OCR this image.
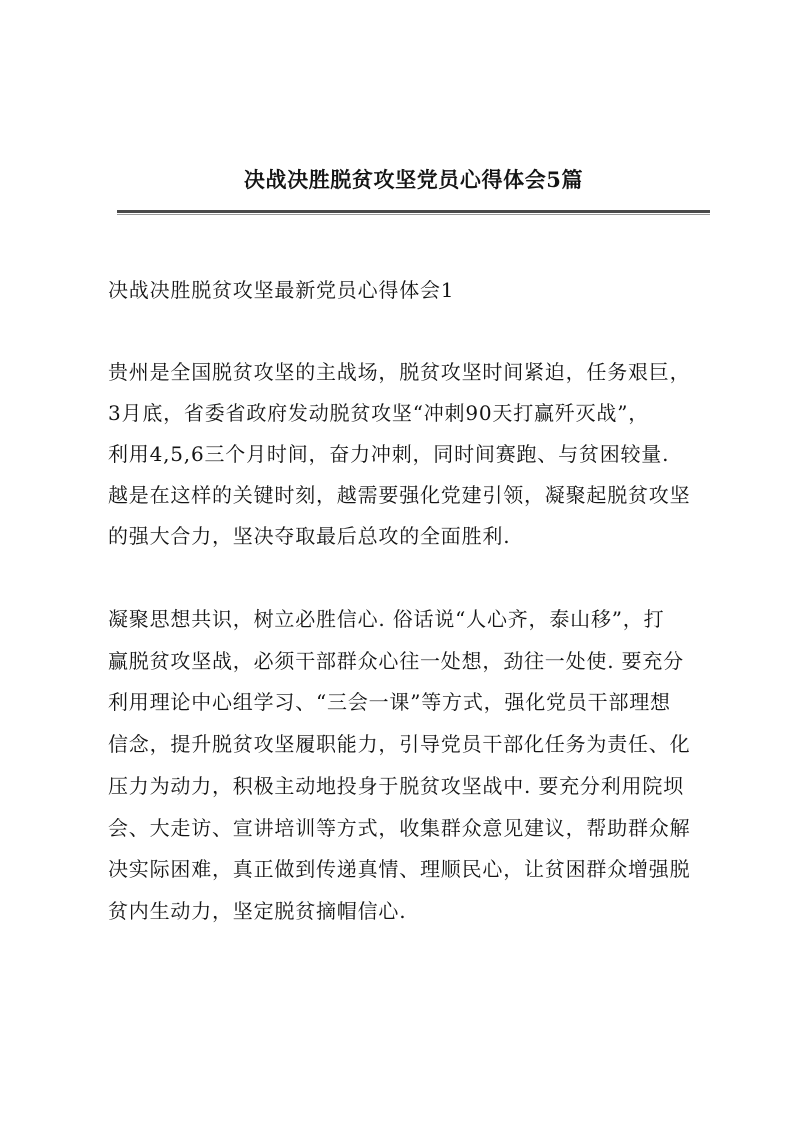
决战决胜脱贫攻坚党员心得体会5篇
决战决胜脱贫攻坚最新党员心得体会1
贵州是全国脱贫攻坚的主战场，脱贫攻坚时间紧迫，任务艰巨，
3月底，省委省政府发动脱贫攻坚“冲刺90天打赢歼灭战”，
利用4,5,6三个月时间，奋力冲刺，同时间赛跑、与贫困较量.
越是在这样的关键时刻，越需要强化党建引领，凝聚起脱贫攻坚
的强大合力，坚决夺取最后总攻的全面胜利.
凝聚思想共识，树立必胜信心. 俗话说“人心齐，泰山移”，打
赢脱贫攻坚战，必须干部群众心往一处想，劲往一处使. 要充分
利用理论中心组学习、“三会一课”等方式，强化党员干部理想
信念，提升脱贫攻坚履职能力，引导党员干部化任务为责任、化
压力为动力，积极主动地投身于脱贫攻坚战中. 要充分利用院坝
会、大走访、宣讲培训等方式，收集群众意见建议，帮助群众解
决实际困难，真正做到传递真情、理顺民心，让贫困群众增强脱
贫内生动力，坚定脱贫摘帽信心.
